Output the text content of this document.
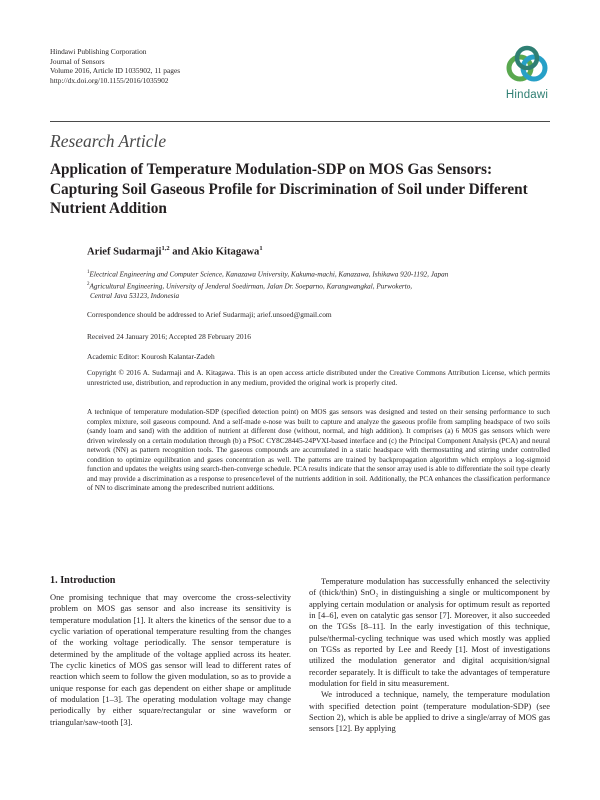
Hindawi Publishing Corporation
Journal of Sensors
Volume 2016, Article ID 1035902, 11 pages
http://dx.doi.org/10.1155/2016/1035902
Hindawi
Research Article
Application of Temperature Modulation-SDP on MOS Gas Sensors: Capturing Soil Gaseous Profile for Discrimination of Soil under Different Nutrient Addition
Arief Sudarmaji$^{1,2}$ and Akio Kitagawa$^1$
$^1$Electrical Engineering and Computer Science, Kanazawa University, Kakuma-machi, Kanazawa, Ishikawa 920-1192, Japan
$^2$Agricultural Engineering, University of Jenderal Soedirman, Jalan Dr. Soeparno, Karangwangkal, Purwokerto,
Central Java 53123, Indonesia
Correspondence should be addressed to Arief Sudarmaji; arief.unsoed@gmail.com
Received 24 January 2016; Accepted 28 February 2016
Academic Editor: Kourosh Kalantar-Zadeh
Copyright © 2016 A. Sudarmaji and A. Kitagawa. This is an open access article distributed under the Creative Commons Attribution License, which permits unrestricted use, distribution, and reproduction in any medium, provided the original work is properly cited.
A technique of temperature modulation-SDP (specified detection point) on MOS gas sensors was designed and tested on their sensing performance to such complex mixture, soil gaseous compound. And a self-made e-nose was built to capture and analyze the gaseous profile from sampling headspace of two soils (sandy loam and sand) with the addition of nutrient at different dose (without, normal, and high addition). It comprises (a) 6 MOS gas sensors which were driven wirelessly on a certain modulation through (b) a PSoC CY8C28445-24PVXI-based interface and (c) the Principal Component Analysis (PCA) and neural network (NN) as pattern recognition tools. The gaseous compounds are accumulated in a static headspace with thermostatting and stirring under controlled condition to optimize equilibration and gases concentration as well. The patterns are trained by backpropagation algorithm which employs a log-sigmoid function and updates the weights using search-then-converge schedule. PCA results indicate that the sensor array used is able to differentiate the soil type clearly and may provide a discrimination as a response to presence/level of the nutrients addition in soil. Additionally, the PCA enhances the classification performance of NN to discriminate among the predescribed nutrient additions.
1. Introduction

One promising technique that may overcome the cross-selectivity problem on MOS gas sensor and also increase its sensitivity is temperature modulation [1]. It alters the kinetics of the sensor due to a cyclic variation of operational temperature resulting from the changes of the working voltage periodically. The sensor temperature is determined by the amplitude of the voltage applied across its heater. The cyclic kinetics of MOS gas sensor will lead to different rates of reaction which seem to follow the given modulation, so as to provide a unique response for each gas dependent on either shape or amplitude of modulation [1–3]. The operating modulation voltage may change periodically by either square/rectangular or sine waveform or triangular/saw-tooth [3].

Temperature modulation has successfully enhanced the selectivity of (thick/thin) SnO₂ in distinguishing a single or multicomponent by applying certain modulation or analysis for optimum result as reported in [4–6], even on catalytic gas sensor [7]. Moreover, it also succeeded on the TGSs [8–11]. In the early investigation of this technique, pulse/thermal-cycling technique was used which mostly was applied on TGSs as reported by Lee and Reedy [1]. Most of investigations utilized the modulation generator and digital acquisition/signal recorder separately. It is difficult to take the advantages of temperature modulation for field in situ measurement.

We introduced a technique, namely, the temperature modulation with specified detection point (temperature modulation-SDP) (see Section 2), which is able be applied to drive a single/array of MOS gas sensors [12]. By applying
